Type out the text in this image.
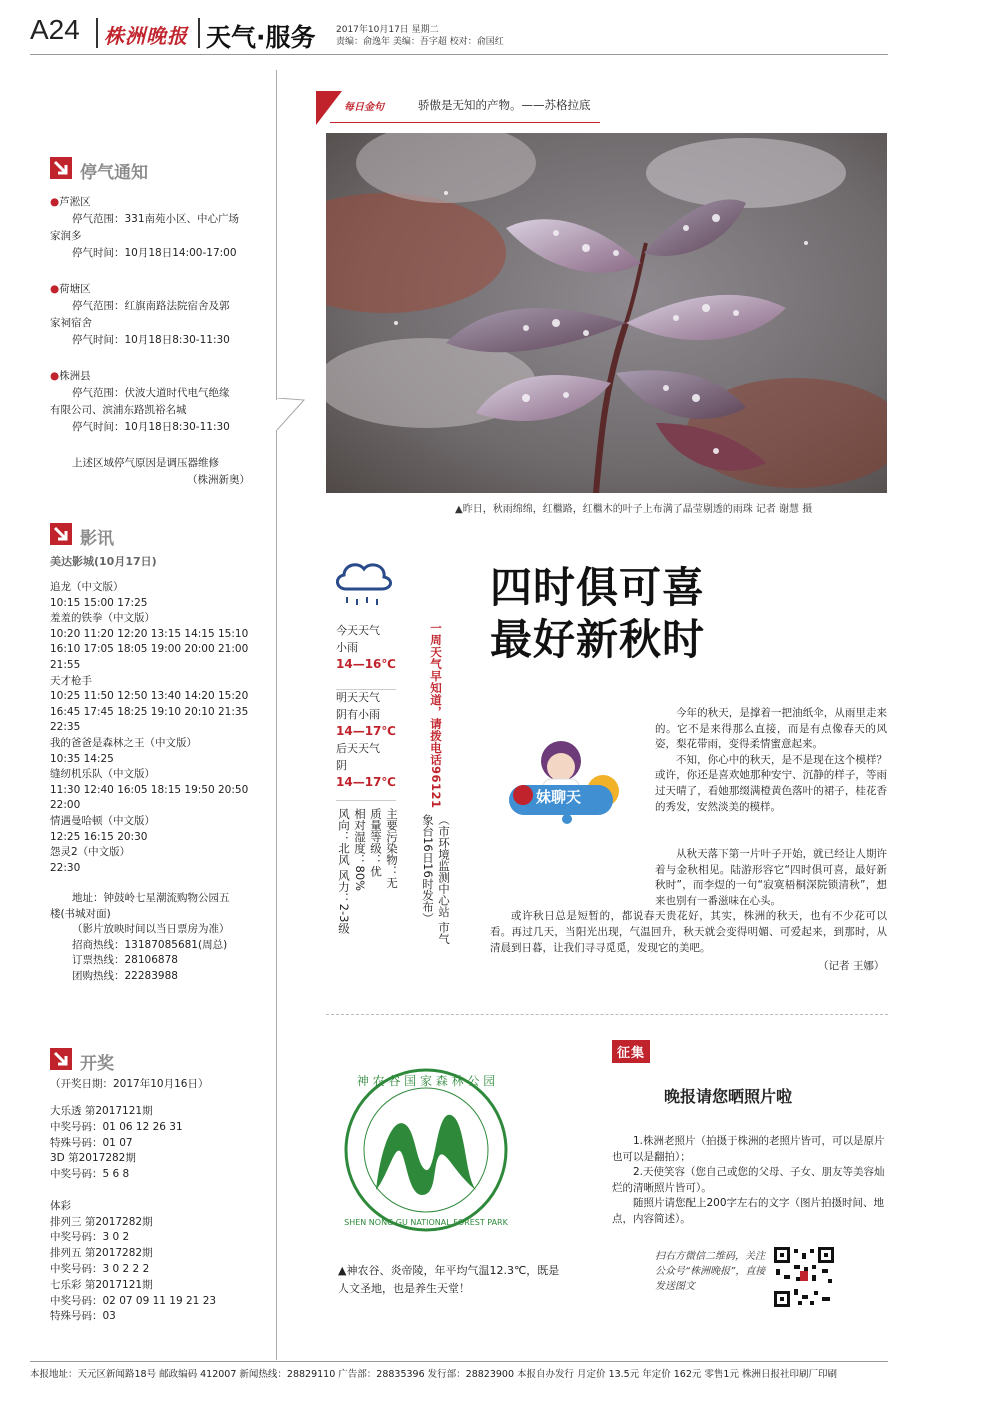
A24 株洲晚报 天气·服务 2017年10月17日 星期二
责编：俞逸年 美编：吾字超 校对：俞国红
停气通知
●芦淞区
停气范围：331南苑小区、中心广场
家润多
停气时间：10月18日14:00-17:00
●荷塘区
停气范围：红旗南路法院宿舍及郭
家祠宿舍
停气时间：10月18日8:30-11:30
●株洲县
停气范围：伏波大道时代电气绝缘
有限公司、滨浦东路凯裕名城
停气时间：10月18日8:30-11:30
上述区域停气原因是调压器维修
（株洲新奥）
影讯
美达影城(10月17日)
追龙（中文版）
10:15 15:00 17:25
羞羞的铁拳（中文版）
10:20 11:20 12:20 13:15 14:15 15:10
16:10 17:05 18:05 19:00 20:00 21:00
21:55
天才枪手
10:25 11:50 12:50 13:40 14:20 15:20
16:45 17:45 18:25 19:10 20:10 21:35
22:35
我的爸爸是森林之王（中文版）
10:35 14:25
缝纫机乐队（中文版）
11:30 12:40 16:05 18:15 19:50 20:50
22:00
情遇曼哈顿（中文版）
12:25 16:15 20:30
怨灵2（中文版）
22:30
地址：钟鼓岭七星潮流购物公园五
楼(书城对面)
（影片放映时间以当日票房为准）
招商热线：13187085681(周总)
订票热线：28106878
团购热线：22283988
开奖
（开奖日期：2017年10月16日）
大乐透 第2017121期
中奖号码：01 06 12 26 31
特殊号码：01 07
3D 第2017282期
中奖号码：5 6 8

体彩
排列三 第2017282期
中奖号码：3 0 2
排列五 第2017282期
中奖号码：3 0 2 2 2
七乐彩 第2017121期
中奖号码：02 07 09 11 19 21 23
特殊号码：03
每日金句	骄傲是无知的产物。——苏格拉底
▲昨日，秋雨绵绵，红檵路，红檵木的叶子上布满了晶莹剔透的雨珠 记者 谢慧 摄
今天天气
小雨
14—16℃
明天天气
阴有小雨
14—17℃
后天天气
阴
14—17℃
主要污染物：无
质量等级：优
相对湿度：80%
风向：北风 风力：2-3级
一周天气早知道，请拨电话96121
（市环境监测中心站 市气
象台16日16时发布）
四时俱可喜
最好新秋时
妹聊天

今年的秋天，是撑着一把油纸伞，从雨里走来的。它不是来得那么直接，而是有点像春天的风姿，梨花带雨，变得柔情蜜意起来。

不知，你心中的秋天，是不是现在这个模样？或许，你还是喜欢她那种安宁、沉静的样子，等雨过天晴了，看她那缀满橙黄色落叶的裙子，桂花香的秀发，安然淡美的模样。

从秋天落下第一片叶子开始，就已经让人期许着与金秋相见。陆游形容它“四时俱可喜，最好新秋时”，而李煜的一句“寂寞梧桐深院锁清秋”，想来也别有一番滋味在心头。

或许秋日总是短暂的，都说春天贵花好，其实，株洲的秋天，也有不少花可以看。再过几天，当阳光出现，气温回升，秋天就会变得明媚、可爱起来，到那时，从清晨到日暮，让我们寻寻觅觅，发现它的美吧。

（记者 王娜）
神 农 谷 国 家 森 林 公 园
SHEN NONG GU NATIONAL FOREST PARK
▲神农谷、炎帝陵，年平均气温12.3℃，既是人文圣地，也是养生天堂！
征集
晚报请您晒照片啦
1.株洲老照片（拍摄于株洲的老照片皆可，可以是原片也可以是翻拍）；
2.天使笑容（您自己或您的父母、子女、朋友等美容灿烂的清晰照片皆可）。
随照片请您配上200字左右的文字（图片拍摄时间、地点，内容简述）。
扫右方微信二维码，关注公众号“株洲晚报”，直接发送图文
本报地址：天元区新闻路18号 邮政编码 412007 新闻热线：28829110 广告部：28835396 发行部：28823900 本报自办发行 月定价 13.5元 年定价 162元 零售1元 株洲日报社印刷厂印刷
